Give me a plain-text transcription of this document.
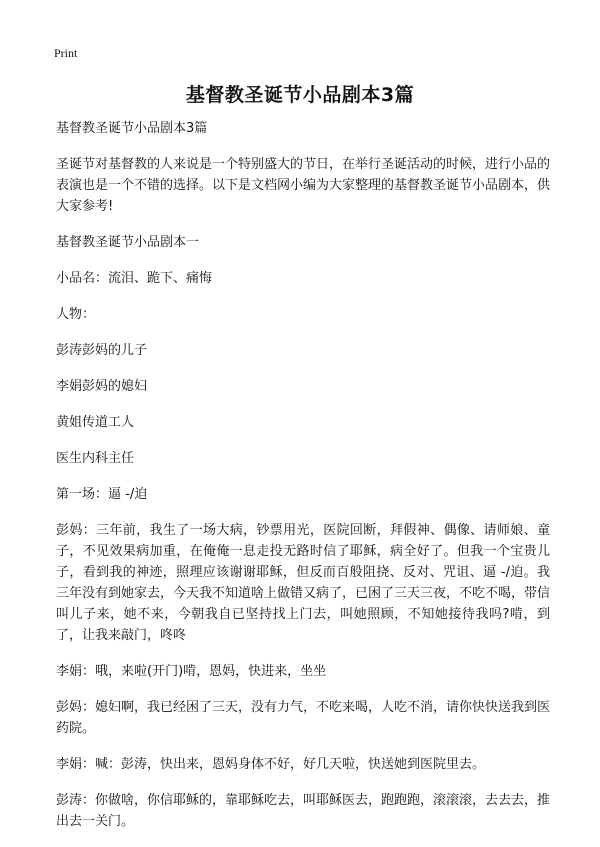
Print
基督教圣诞节小品剧本3篇

基督教圣诞节小品剧本3篇

圣诞节对基督教的人来说是一个特别盛大的节日，在举行圣诞活动的时候，进行小品的表演也是一个不错的选择。以下是文档网小编为大家整理的基督教圣诞节小品剧本，供大家参考!

基督教圣诞节小品剧本一

小品名：流泪、跪下、痛悔

人物：

彭涛彭妈的儿子

李娟彭妈的媳妇

黄姐传道工人

医生内科主任

第一场：逼 -/迫

彭妈：三年前，我生了一场大病，钞票用光，医院回断，拜假神、偶像、请师娘、童子，不见效果病加重，在俺俺一息走投无路时信了耶稣，病全好了。但我一个宝贵儿子，看到我的神迹，照理应该谢谢耶稣，但反而百般阻挠、反对、咒诅、逼 -/迫。我三年没有到她家去，今天我不知道啥上做错又病了，已困了三天三夜，不吃不喝，带信叫儿子来，她不来，今朝我自已坚持找上门去，叫她照顾，不知她接待我吗?啃，到了，让我来敲门，咚咚

李娟：哦，来啦(开门)啃，恩妈，快进来，坐坐

彭妈：媳妇啊，我已经困了三天，没有力气，不吃来喝，人吃不消，请你快快送我到医药院。

李娟：喊：彭涛，快出来，恩妈身体不好，好几天啦，快送她到医院里去。

彭涛：你做啥，你信耶稣的，靠耶稣吃去，叫耶稣医去，跑跑跑，滚滚滚，去去去，推出去一关门。
